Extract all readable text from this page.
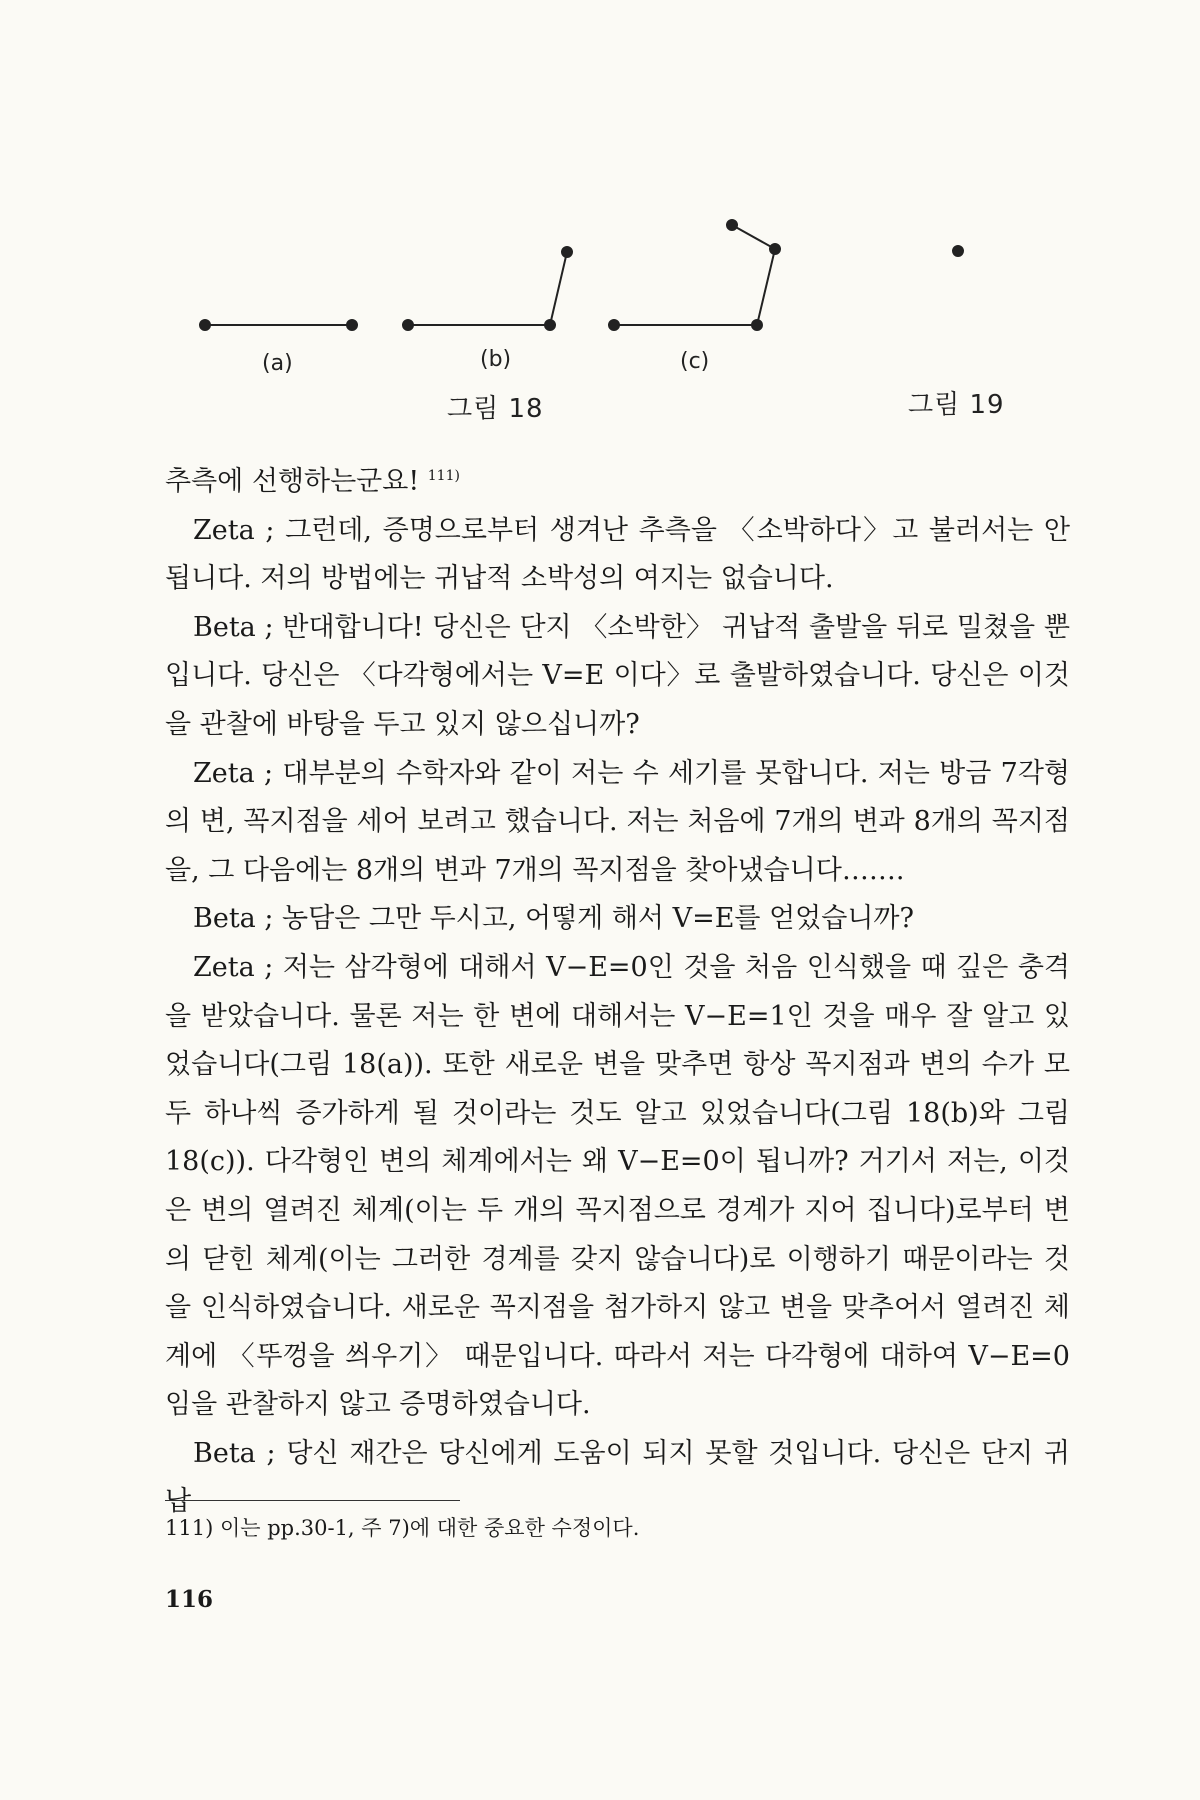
(a)	(b)	(c)
그림 18	그림 19

추측에 선행하는군요! $^{111)}$

Zeta ; 그런데, 증명으로부터 생겨난 추측을 〈소박하다〉고 불러서는 안 됩니다. 저의 방법에는 귀납적 소박성의 여지는 없습니다.

Beta ; 반대합니다! 당신은 단지 〈소박한〉 귀납적 출발을 뒤로 밀쳤을 뿐입니다. 당신은 〈다각형에서는 V=E 이다〉로 출발하였습니다. 당신은 이것을 관찰에 바탕을 두고 있지 않으십니까?

Zeta ; 대부분의 수학자와 같이 저는 수 세기를 못합니다. 저는 방금 7각형의 변, 꼭지점을 세어 보려고 했습니다. 저는 처음에 7개의 변과 8개의 꼭지점을, 그 다음에는 8개의 변과 7개의 꼭지점을 찾아냈습니다…….

Beta ; 농담은 그만 두시고, 어떻게 해서 V=E를 얻었습니까?

Zeta ; 저는 삼각형에 대해서 V−E=0인 것을 처음 인식했을 때 깊은 충격을 받았습니다. 물론 저는 한 변에 대해서는 V−E=1인 것을 매우 잘 알고 있었습니다(그림 18(a)). 또한 새로운 변을 맞추면 항상 꼭지점과 변의 수가 모두 하나씩 증가하게 될 것이라는 것도 알고 있었습니다(그림 18(b)와 그림 18(c)). 다각형인 변의 체계에서는 왜 V−E=0이 됩니까? 거기서 저는, 이것은 변의 열려진 체계(이는 두 개의 꼭지점으로 경계가 지어 집니다)로부터 변의 닫힌 체계(이는 그러한 경계를 갖지 않습니다)로 이행하기 때문이라는 것을 인식하였습니다. 새로운 꼭지점을 첨가하지 않고 변을 맞추어서 열려진 체계에 〈뚜껑을 씌우기〉 때문입니다. 따라서 저는 다각형에 대하여 V−E=0임을 관찰하지 않고 증명하였습니다.

Beta ; 당신 재간은 당신에게 도움이 되지 못할 것입니다. 당신은 단지 귀납

111) 이는 pp.30-1, 주 7)에 대한 중요한 수정이다.
116
